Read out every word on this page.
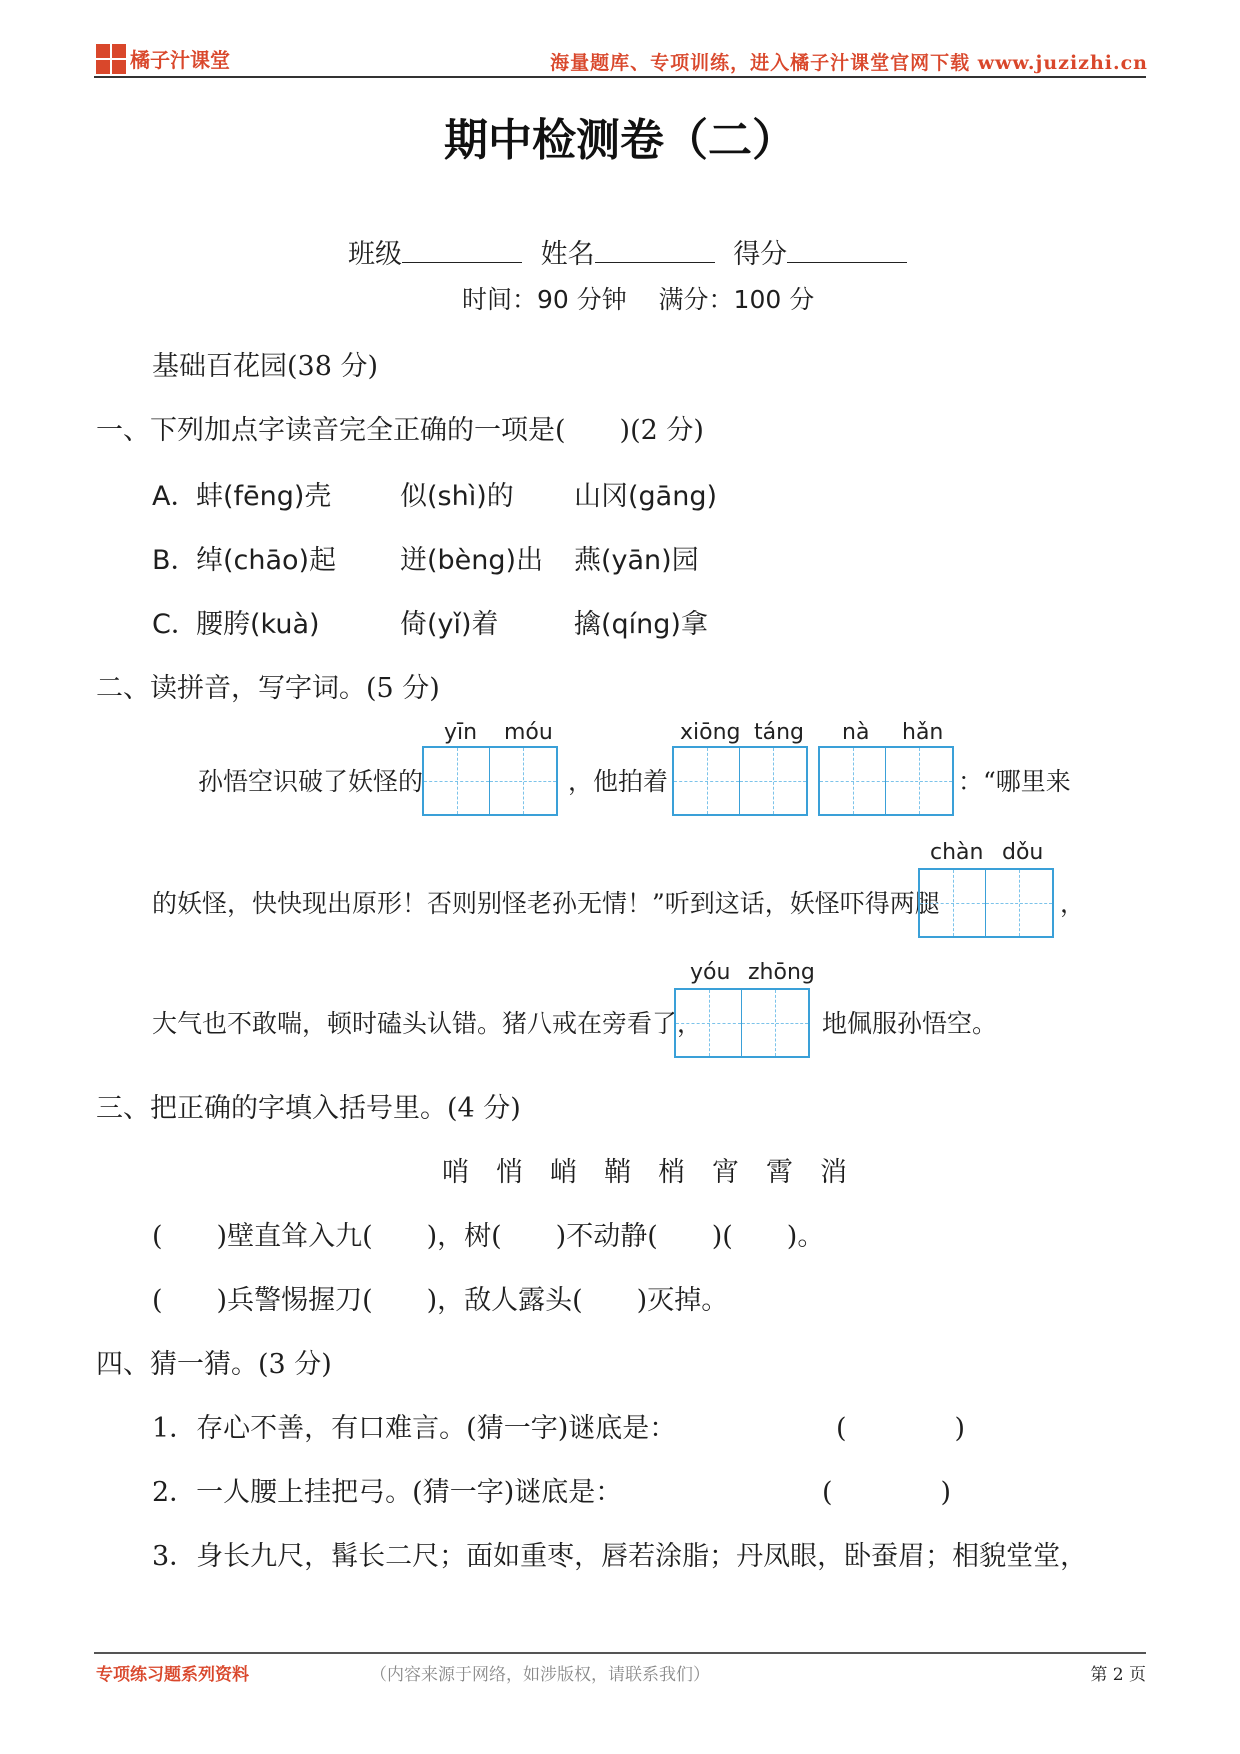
橘子汁课堂	海量题库、专项训练，进入橘子汁课堂官网下载 www.juzizhi.cn
期中检测卷（二）
班级	姓名	得分
时间：90 分钟    满分：100 分
基础百花园(38 分)
一、下列加点字读音完全正确的一项是(　　)(2 分)
A．
蚌(fēng)壳	似(shì)的 山冈(gāng)
B．
绰(chāo)起 迸(bèng)出 燕(yān)园
C．
腰胯(kuà)	倚(yǐ)着	擒(qíng)拿
二、读拼音，写字词。(5 分)
yīn móu	xiōng táng nà hǎn
孙悟空识破了妖怪的	，他拍着	：“哪里来
chàn dǒu
的妖怪，快快现出原形！否则别怪老孙无情！”听到这话，妖怪吓得两腿	，
yóu zhōng
大气也不敢喘，顿时磕头认错。猪八戒在旁看了，	地佩服孙悟空。
三、把正确的字填入括号里。(4 分)
哨　悄　峭　鞘　梢　宵　霄　消
(　　)壁直耸入九(　　)，树(　　)不动静(　　)(　　)。
(　　)兵警惕握刀(　　)，敌人露头(　　)灭掉。
四、猜一猜。(3 分)
1．存心不善，有口难言。(猜一字)谜底是：	(　　　　)
2．一人腰上挂把弓。(猜一字)谜底是：	(　　　　)
3．身长九尺，髯长二尺；面如重枣，唇若涂脂；丹凤眼，卧蚕眉；相貌堂堂，
专项练习题系列资料	（内容来源于网络，如涉版权，请联系我们）	第 2 页
